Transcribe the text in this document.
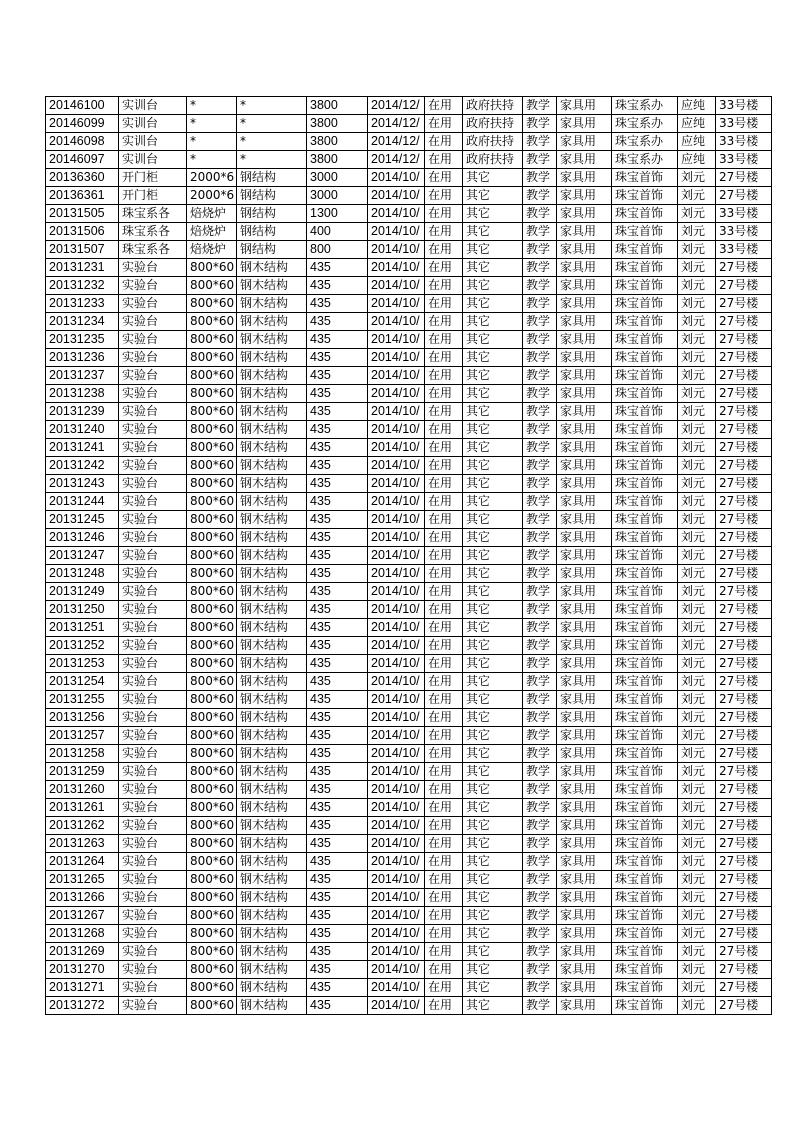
20146100	实训台	*	*	3800	2014/12/	在用	政府扶持	教学	家具用	珠宝系办	应纯	33号楼
20146099	实训台	*	*	3800	2014/12/	在用	政府扶持	教学	家具用	珠宝系办	应纯	33号楼
20146098	实训台	*	*	3800	2014/12/	在用	政府扶持	教学	家具用	珠宝系办	应纯	33号楼
20146097	实训台	*	*	3800	2014/12/	在用	政府扶持	教学	家具用	珠宝系办	应纯	33号楼
20136360	开门柜	2000*6	钢结构	3000	2014/10/	在用	其它	教学	家具用	珠宝首饰	刘元	27号楼
20136361	开门柜	2000*6	钢结构	3000	2014/10/	在用	其它	教学	家具用	珠宝首饰	刘元	27号楼
20131505	珠宝系各	焙烧炉	钢结构	1300	2014/10/	在用	其它	教学	家具用	珠宝首饰	刘元	33号楼
20131506	珠宝系各	焙烧炉	钢结构	400	2014/10/	在用	其它	教学	家具用	珠宝首饰	刘元	33号楼
20131507	珠宝系各	焙烧炉	钢结构	800	2014/10/	在用	其它	教学	家具用	珠宝首饰	刘元	33号楼
20131231	实验台	800*60	钢木结构	435	2014/10/	在用	其它	教学	家具用	珠宝首饰	刘元	27号楼
20131232	实验台	800*60	钢木结构	435	2014/10/	在用	其它	教学	家具用	珠宝首饰	刘元	27号楼
20131233	实验台	800*60	钢木结构	435	2014/10/	在用	其它	教学	家具用	珠宝首饰	刘元	27号楼
20131234	实验台	800*60	钢木结构	435	2014/10/	在用	其它	教学	家具用	珠宝首饰	刘元	27号楼
20131235	实验台	800*60	钢木结构	435	2014/10/	在用	其它	教学	家具用	珠宝首饰	刘元	27号楼
20131236	实验台	800*60	钢木结构	435	2014/10/	在用	其它	教学	家具用	珠宝首饰	刘元	27号楼
20131237	实验台	800*60	钢木结构	435	2014/10/	在用	其它	教学	家具用	珠宝首饰	刘元	27号楼
20131238	实验台	800*60	钢木结构	435	2014/10/	在用	其它	教学	家具用	珠宝首饰	刘元	27号楼
20131239	实验台	800*60	钢木结构	435	2014/10/	在用	其它	教学	家具用	珠宝首饰	刘元	27号楼
20131240	实验台	800*60	钢木结构	435	2014/10/	在用	其它	教学	家具用	珠宝首饰	刘元	27号楼
20131241	实验台	800*60	钢木结构	435	2014/10/	在用	其它	教学	家具用	珠宝首饰	刘元	27号楼
20131242	实验台	800*60	钢木结构	435	2014/10/	在用	其它	教学	家具用	珠宝首饰	刘元	27号楼
20131243	实验台	800*60	钢木结构	435	2014/10/	在用	其它	教学	家具用	珠宝首饰	刘元	27号楼
20131244	实验台	800*60	钢木结构	435	2014/10/	在用	其它	教学	家具用	珠宝首饰	刘元	27号楼
20131245	实验台	800*60	钢木结构	435	2014/10/	在用	其它	教学	家具用	珠宝首饰	刘元	27号楼
20131246	实验台	800*60	钢木结构	435	2014/10/	在用	其它	教学	家具用	珠宝首饰	刘元	27号楼
20131247	实验台	800*60	钢木结构	435	2014/10/	在用	其它	教学	家具用	珠宝首饰	刘元	27号楼
20131248	实验台	800*60	钢木结构	435	2014/10/	在用	其它	教学	家具用	珠宝首饰	刘元	27号楼
20131249	实验台	800*60	钢木结构	435	2014/10/	在用	其它	教学	家具用	珠宝首饰	刘元	27号楼
20131250	实验台	800*60	钢木结构	435	2014/10/	在用	其它	教学	家具用	珠宝首饰	刘元	27号楼
20131251	实验台	800*60	钢木结构	435	2014/10/	在用	其它	教学	家具用	珠宝首饰	刘元	27号楼
20131252	实验台	800*60	钢木结构	435	2014/10/	在用	其它	教学	家具用	珠宝首饰	刘元	27号楼
20131253	实验台	800*60	钢木结构	435	2014/10/	在用	其它	教学	家具用	珠宝首饰	刘元	27号楼
20131254	实验台	800*60	钢木结构	435	2014/10/	在用	其它	教学	家具用	珠宝首饰	刘元	27号楼
20131255	实验台	800*60	钢木结构	435	2014/10/	在用	其它	教学	家具用	珠宝首饰	刘元	27号楼
20131256	实验台	800*60	钢木结构	435	2014/10/	在用	其它	教学	家具用	珠宝首饰	刘元	27号楼
20131257	实验台	800*60	钢木结构	435	2014/10/	在用	其它	教学	家具用	珠宝首饰	刘元	27号楼
20131258	实验台	800*60	钢木结构	435	2014/10/	在用	其它	教学	家具用	珠宝首饰	刘元	27号楼
20131259	实验台	800*60	钢木结构	435	2014/10/	在用	其它	教学	家具用	珠宝首饰	刘元	27号楼
20131260	实验台	800*60	钢木结构	435	2014/10/	在用	其它	教学	家具用	珠宝首饰	刘元	27号楼
20131261	实验台	800*60	钢木结构	435	2014/10/	在用	其它	教学	家具用	珠宝首饰	刘元	27号楼
20131262	实验台	800*60	钢木结构	435	2014/10/	在用	其它	教学	家具用	珠宝首饰	刘元	27号楼
20131263	实验台	800*60	钢木结构	435	2014/10/	在用	其它	教学	家具用	珠宝首饰	刘元	27号楼
20131264	实验台	800*60	钢木结构	435	2014/10/	在用	其它	教学	家具用	珠宝首饰	刘元	27号楼
20131265	实验台	800*60	钢木结构	435	2014/10/	在用	其它	教学	家具用	珠宝首饰	刘元	27号楼
20131266	实验台	800*60	钢木结构	435	2014/10/	在用	其它	教学	家具用	珠宝首饰	刘元	27号楼
20131267	实验台	800*60	钢木结构	435	2014/10/	在用	其它	教学	家具用	珠宝首饰	刘元	27号楼
20131268	实验台	800*60	钢木结构	435	2014/10/	在用	其它	教学	家具用	珠宝首饰	刘元	27号楼
20131269	实验台	800*60	钢木结构	435	2014/10/	在用	其它	教学	家具用	珠宝首饰	刘元	27号楼
20131270	实验台	800*60	钢木结构	435	2014/10/	在用	其它	教学	家具用	珠宝首饰	刘元	27号楼
20131271	实验台	800*60	钢木结构	435	2014/10/	在用	其它	教学	家具用	珠宝首饰	刘元	27号楼
20131272	实验台	800*60	钢木结构	435	2014/10/	在用	其它	教学	家具用	珠宝首饰	刘元	27号楼
